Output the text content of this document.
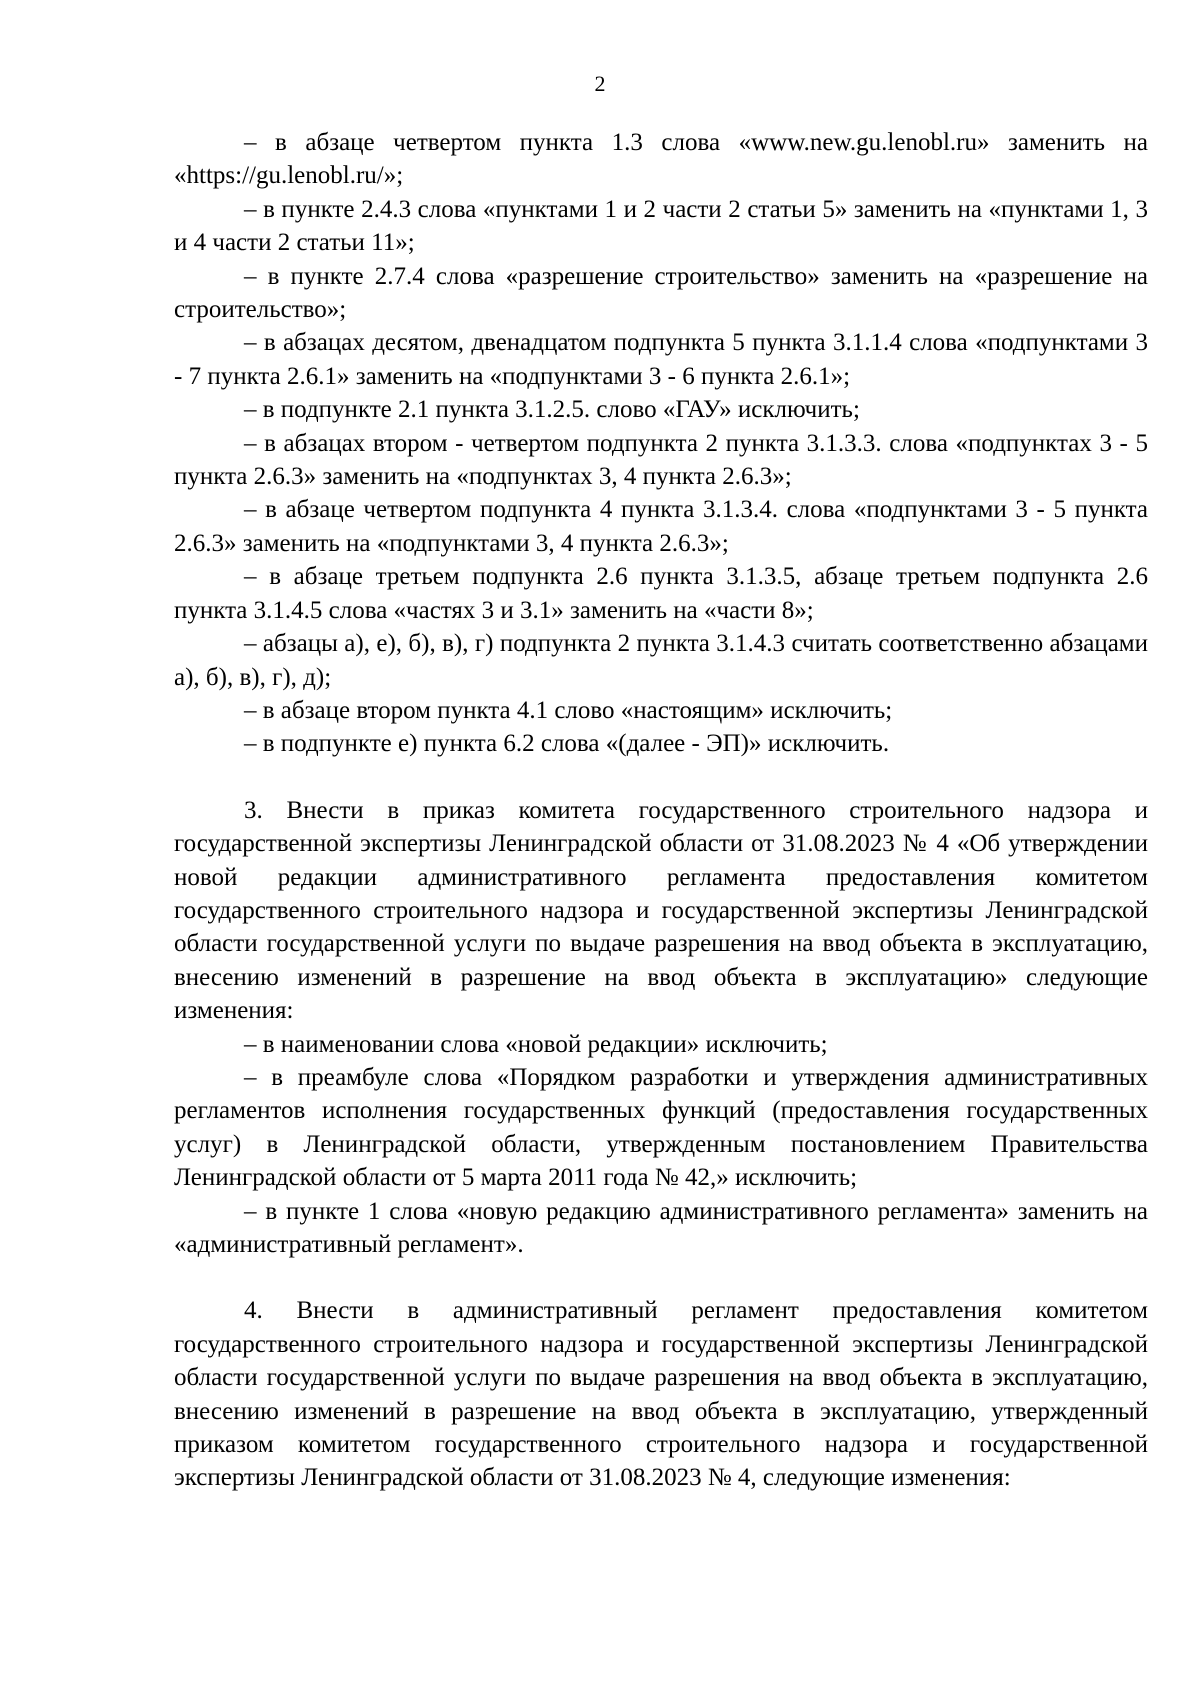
2

– в абзаце четвертом пункта 1.3 слова «www.new.gu.lenobl.ru» заменить на «https://gu.lenobl.ru/»;

– в пункте 2.4.3 слова «пунктами 1 и 2 части 2 статьи 5» заменить на «пунктами 1, 3 и 4 части 2 статьи 11»;

– в пункте 2.7.4 слова «разрешение строительство» заменить на «разрешение на строительство»;

– в абзацах десятом, двенадцатом подпункта 5 пункта 3.1.1.4 слова «подпунктами 3 - 7 пункта 2.6.1» заменить на «подпунктами 3 - 6 пункта 2.6.1»;

– в подпункте 2.1 пункта 3.1.2.5. слово «ГАУ» исключить;

– в абзацах втором - четвертом подпункта 2 пункта 3.1.3.3. слова «подпунктах 3 - 5 пункта 2.6.3» заменить на «подпунктах 3, 4 пункта 2.6.3»;

– в абзаце четвертом подпункта 4 пункта 3.1.3.4. слова «подпунктами 3 - 5 пункта 2.6.3» заменить на «подпунктами 3, 4 пункта 2.6.3»;

– в абзаце третьем подпункта 2.6 пункта 3.1.3.5, абзаце третьем подпункта 2.6 пункта 3.1.4.5 слова «частях 3 и 3.1» заменить на «части 8»;

– абзацы а), е), б), в), г) подпункта 2 пункта 3.1.4.3 считать соответственно абзацами а), б), в), г), д);

– в абзаце втором пункта 4.1 слово «настоящим» исключить;

– в подпункте е) пункта 6.2 слова «(далее - ЭП)» исключить.

3. Внести в приказ комитета государственного строительного надзора и государственной экспертизы Ленинградской области от 31.08.2023 № 4 «Об утверждении новой редакции административного регламента предоставления комитетом государственного строительного надзора и государственной экспертизы Ленинградской области государственной услуги по выдаче разрешения на ввод объекта в эксплуатацию, внесению изменений в разрешение на ввод объекта в эксплуатацию» следующие изменения:

– в наименовании слова «новой редакции» исключить;

– в преамбуле слова «Порядком разработки и утверждения административных регламентов исполнения государственных функций (предоставления государственных услуг) в Ленинградской области, утвержденным постановлением Правительства Ленинградской области от 5 марта 2011 года № 42,» исключить;

– в пункте 1 слова «новую редакцию административного регламента» заменить на «административный регламент».

4. Внести в административный регламент предоставления комитетом государственного строительного надзора и государственной экспертизы Ленинградской области государственной услуги по выдаче разрешения на ввод объекта в эксплуатацию, внесению изменений в разрешение на ввод объекта в эксплуатацию, утвержденный приказом комитетом государственного строительного надзора и государственной экспертизы Ленинградской области от 31.08.2023 № 4, следующие изменения:
